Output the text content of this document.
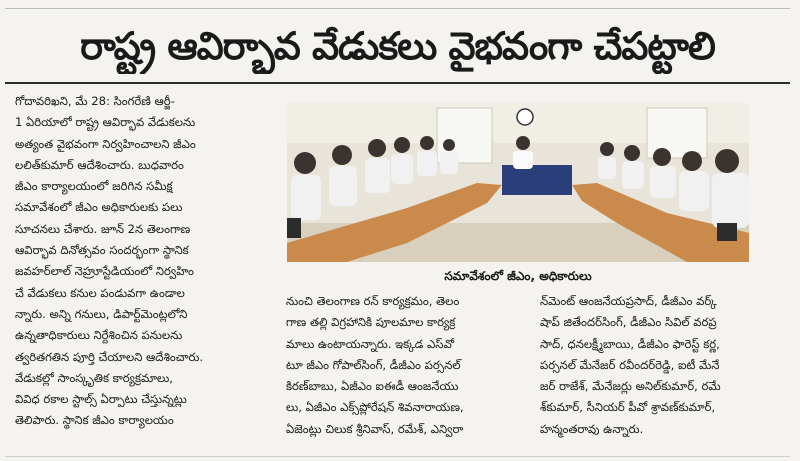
రాష్ట్ర ఆవిర్భావ వేడుకలు వైభవంగా చేపట్టాలి
గోదావరిఖని, మే 28: సింగరేణి ఆర్జీ-
1 ఏరియాలో రాష్ట్ర ఆవిర్భావ వేడుకలను
అత్యంత వైభవంగా నిర్వహించాలని జీఎం
లలిత్‌కుమార్ ఆదేశించారు. బుధవారం
జీఎం కార్యాలయంలో జరిగిన సమీక్ష
సమావేశంలో జీఎం అధికారులకు పలు
సూచనలు చేశారు. జూన్ 2న తెలంగాణ
ఆవిర్భావ దినోత్సవం సందర్భంగా స్థానిక
జవహర్‌లాల్ నెహ్రూస్టేడియంలో నిర్వహిం
చే వేడుకలు కనుల పండువగా ఉండాల
న్నారు. అన్ని గనులు, డిపార్ట్‌మెంట్లలోని
ఉన్నతాధికారులు నిర్దేశించిన పనులను
త్వరితగతిన పూర్తి చేయాలని ఆదేశించారు.
వేడుకల్లో సాంస్కృతిక కార్యక్రమాలు,
వివిధ రకాల స్టాల్స్ ఏర్పాటు చేస్తున్నట్లు
తెలిపారు. స్థానిక జీఎం కార్యాలయం
సమావేశంలో జీఎం, అధికారులు
నుంచి తెలంగాణ రన్ కార్యక్రమం, తెలం
గాణ తల్లి విగ్రహానికి పూలమాల కార్యక్ర
మాలు ఉంటాయన్నారు. ఇక్కడ ఎస్‌వో
టూ జీఎం గోపాల్‌సింగ్, డీజీఎం పర్సనల్
కిరణ్‌బాబు, ఏజీఎం ఐఈడీ ఆంజనేయు
లు, ఏజీఎం ఎక్స్‌ప్లోరేషన్ శివనారాయణ,
ఏజెంట్లు చిలుక శ్రీనివాస్, రమేశ్, ఎన్విరా
న్‌మెంట్ ఆంజనేయప్రసాద్, డీజీఎం వర్క్
షాప్ జితేందర్‌సింగ్, డీజీఎం సివిల్ వరప్ర
సాద్, ధనలక్ష్మీబాయి, డీజీఎం ఫారెస్ట్ కర్ణ,
పర్సనల్ మేనేజర్ రవీందర్‌రెడ్డి, ఐటీ మేనే
జర్ రాజేశ్, మేనేజర్లు అనిల్‌కుమార్, రమే
శ్‌కుమార్, సీనియర్ పీవో శ్రావణ్‌కుమార్,
హన్మంతరావు ఉన్నారు.
